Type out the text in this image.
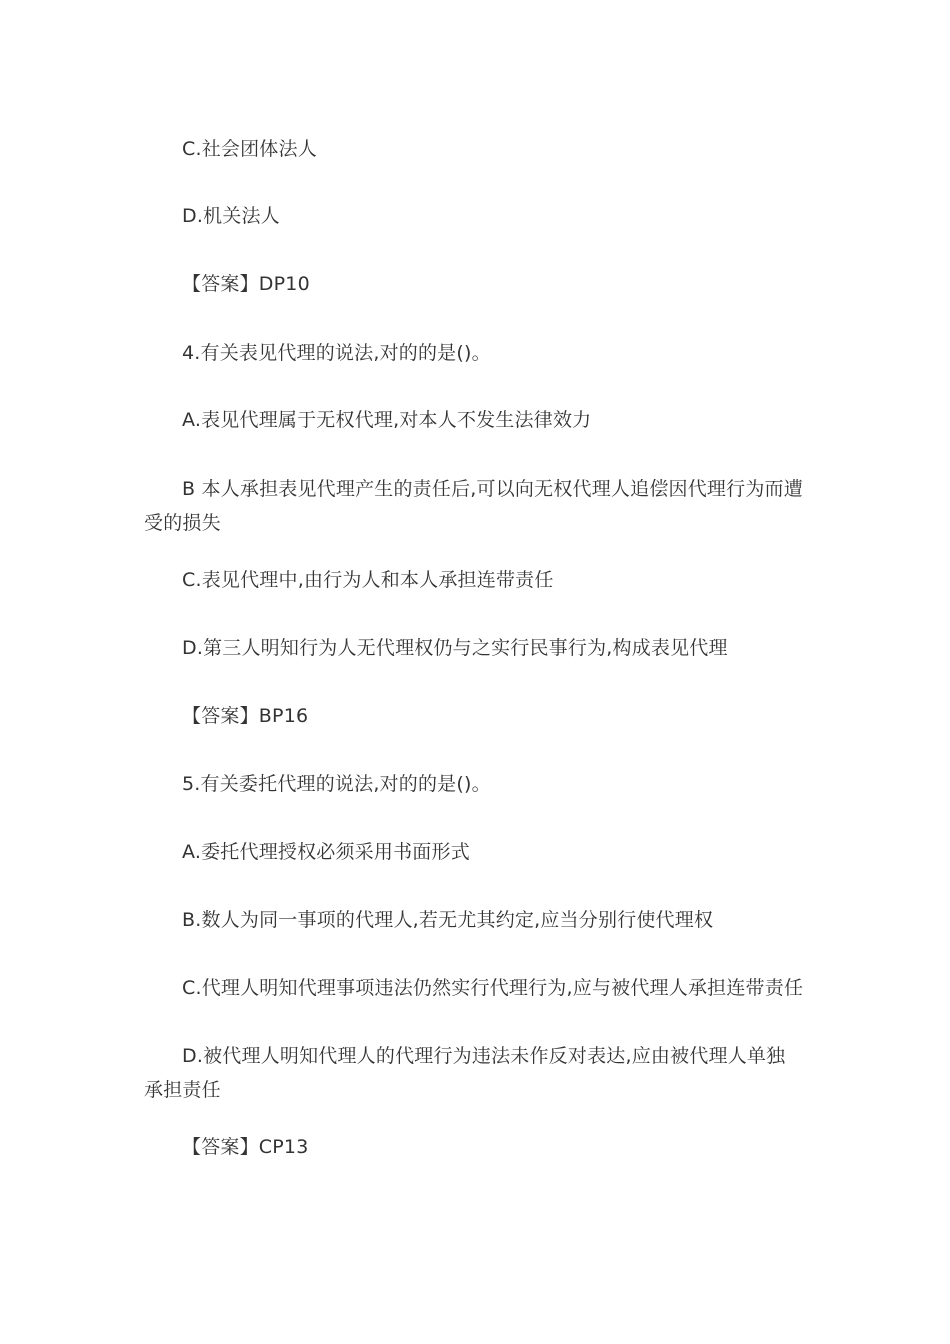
C.社会团体法人
D.机关法人
【答案】DP10
4.有关表见代理的说法,对的的是()。
A.表见代理属于无权代理,对本人不发生法律效力
B 本人承担表见代理产生的责任后,可以向无权代理人追偿因代理行为而遭受的损失
C.表见代理中,由行为人和本人承担连带责任
D.第三人明知行为人无代理权仍与之实行民事行为,构成表见代理
【答案】BP16
5.有关委托代理的说法,对的的是()。
A.委托代理授权必须采用书面形式
B.数人为同一事项的代理人,若无尤其约定,应当分别行使代理权
C.代理人明知代理事项违法仍然实行代理行为,应与被代理人承担连带责任
D.被代理人明知代理人的代理行为违法未作反对表达,应由被代理人单独承担责任
【答案】CP13
